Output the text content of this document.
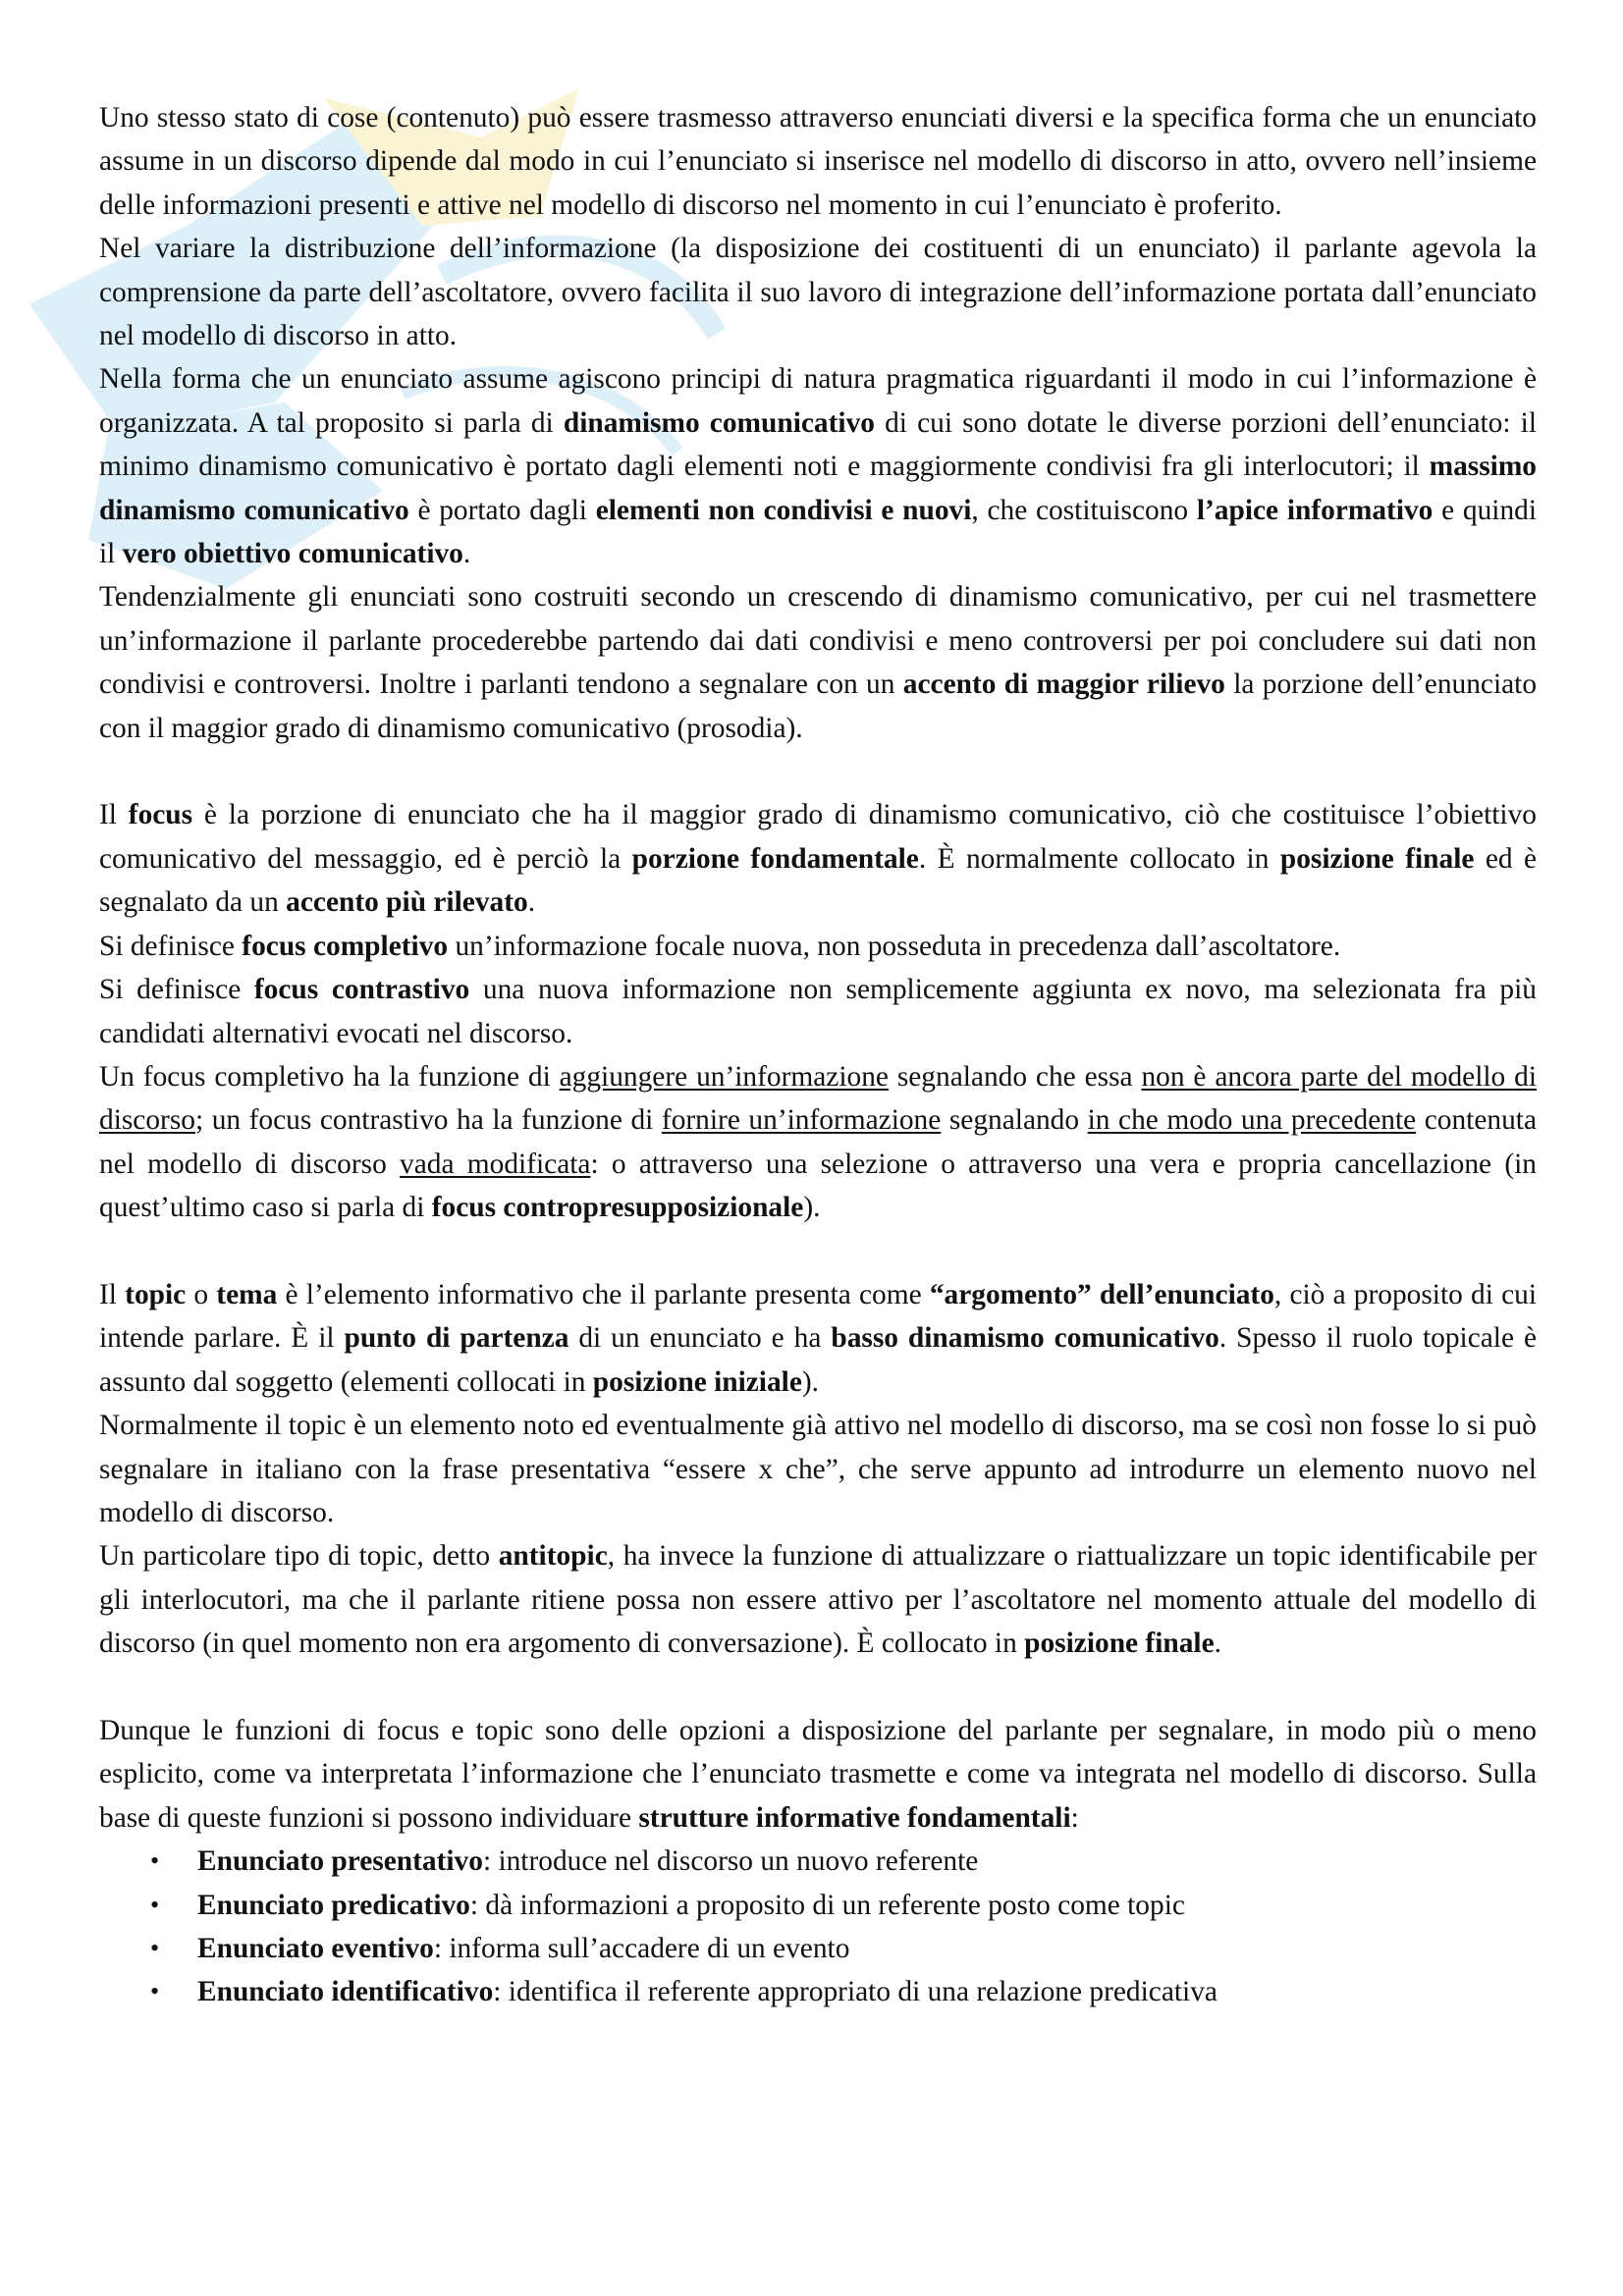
Uno stesso stato di cose (contenuto) può essere trasmesso attraverso enunciati diversi e la specifica forma che un enunciato assume in un discorso dipende dal modo in cui l’enunciato si inserisce nel modello di discorso in atto, ovvero nell’insieme delle informazioni presenti e attive nel modello di discorso nel momento in cui l’enunciato è proferito.

Nel variare la distribuzione dell’informazione (la disposizione dei costituenti di un enunciato) il parlante agevola la comprensione da parte dell’ascoltatore, ovvero facilita il suo lavoro di integrazione dell’informazione portata dall’enunciato nel modello di discorso in atto.

Nella forma che un enunciato assume agiscono principi di natura pragmatica riguardanti il modo in cui l’informazione è organizzata. A tal proposito si parla di dinamismo comunicativo di cui sono dotate le diverse porzioni dell’enunciato: il minimo dinamismo comunicativo è portato dagli elementi noti e maggiormente condivisi fra gli interlocutori; il massimo dinamismo comunicativo è portato dagli elementi non condivisi e nuovi, che costituiscono l’apice informativo e quindi il vero obiettivo comunicativo.

Tendenzialmente gli enunciati sono costruiti secondo un crescendo di dinamismo comunicativo, per cui nel trasmettere un’informazione il parlante procederebbe partendo dai dati condivisi e meno controversi per poi concludere sui dati non condivisi e controversi. Inoltre i parlanti tendono a segnalare con un accento di maggior rilievo la porzione dell’enunciato con il maggior grado di dinamismo comunicativo (prosodia).

Il focus è la porzione di enunciato che ha il maggior grado di dinamismo comunicativo, ciò che costituisce l’obiettivo comunicativo del messaggio, ed è perciò la porzione fondamentale. È normalmente collocato in posizione finale ed è segnalato da un accento più rilevato.

Si definisce focus completivo un’informazione focale nuova, non posseduta in precedenza dall’ascoltatore.

Si definisce focus contrastivo una nuova informazione non semplicemente aggiunta ex novo, ma selezionata fra più candidati alternativi evocati nel discorso.

Un focus completivo ha la funzione di aggiungere un’informazione segnalando che essa non è ancora parte del modello di discorso; un focus contrastivo ha la funzione di fornire un’informazione segnalando in che modo una precedente contenuta nel modello di discorso vada modificata: o attraverso una selezione o attraverso una vera e propria cancellazione (in quest’ultimo caso si parla di focus contropresupposizionale).

Il topic o tema è l’elemento informativo che il parlante presenta come “argomento” dell’enunciato, ciò a proposito di cui intende parlare. È il punto di partenza di un enunciato e ha basso dinamismo comunicativo. Spesso il ruolo topicale è assunto dal soggetto (elementi collocati in posizione iniziale).

Normalmente il topic è un elemento noto ed eventualmente già attivo nel modello di discorso, ma se così non fosse lo si può segnalare in italiano con la frase presentativa “essere x che”, che serve appunto ad introdurre un elemento nuovo nel modello di discorso.

Un particolare tipo di topic, detto antitopic, ha invece la funzione di attualizzare o riattualizzare un topic identificabile per gli interlocutori, ma che il parlante ritiene possa non essere attivo per l’ascoltatore nel momento attuale del modello di discorso (in quel momento non era argomento di conversazione). È collocato in posizione finale.

Dunque le funzioni di focus e topic sono delle opzioni a disposizione del parlante per segnalare, in modo più o meno esplicito, come va interpretata l’informazione che l’enunciato trasmette e come va integrata nel modello di discorso. Sulla base di queste funzioni si possono individuare strutture informative fondamentali:

• Enunciato presentativo: introduce nel discorso un nuovo referente
• Enunciato predicativo: dà informazioni a proposito di un referente posto come topic
• Enunciato eventivo: informa sull’accadere di un evento
• Enunciato identificativo: identifica il referente appropriato di una relazione predicativa
